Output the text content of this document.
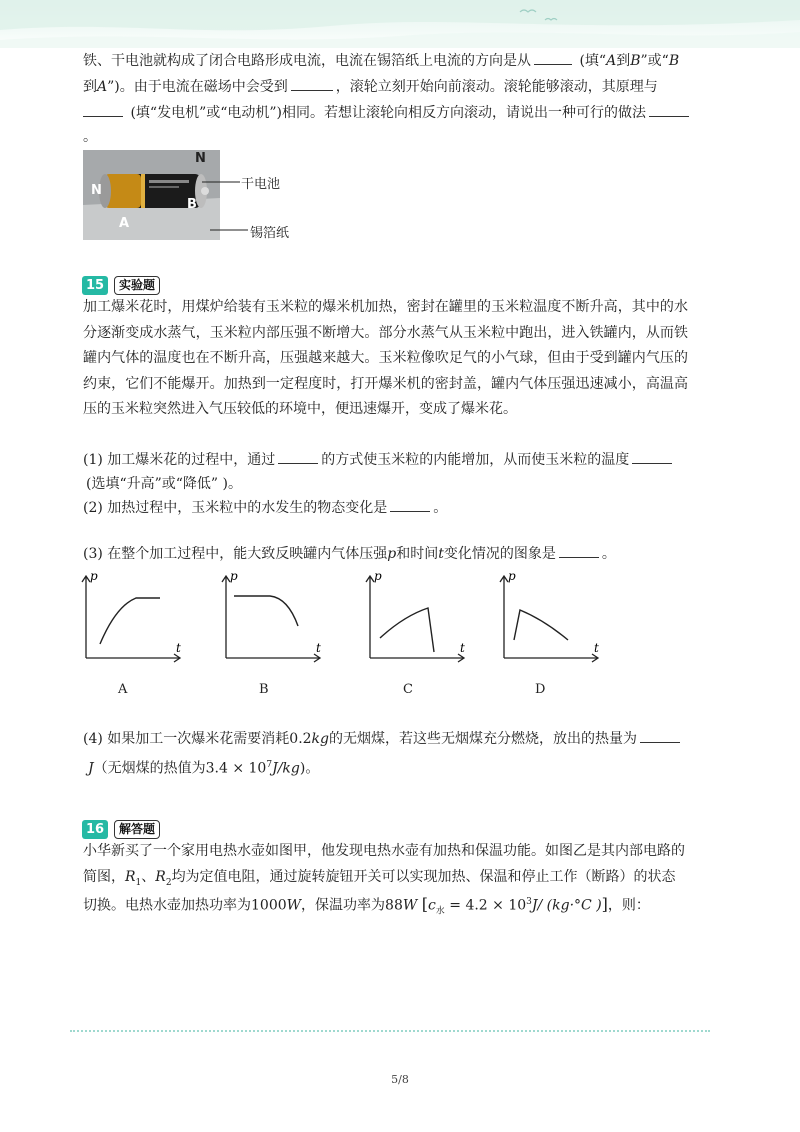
铁、干电池就构成了闭合电路形成电流，电流在锡箔纸上电流的方向是从	(填“A到B”或“B
到A”)。由于电流在磁场中会受到	，滚轮立刻开始向前滚动。滚轮能够滚动，其原理与
(填“发电机”或“电动机”)相同。若想让滚轮向相反方向滚动，请说出一种可行的做法
。
N
A
B
N
干电池
锡箔纸
15	实验题
加工爆米花时，用煤炉给装有玉米粒的爆米机加热，密封在罐里的玉米粒温度不断升高，其中的水分逐渐变成水蒸气，玉米粒内部压强不断增大。部分水蒸气从玉米粒中跑出，进入铁罐内，从而铁罐内气体的温度也在不断升高，压强越来越大。玉米粒像吹足气的小气球，但由于受到罐内气压的约束，它们不能爆开。加热到一定程度时，打开爆米机的密封盖，罐内气体压强迅速减小，高温高压的玉米粒突然进入气压较低的环境中，便迅速爆开，变成了爆米花。
(1) 加工爆米花的过程中，通过	的方式使玉米粒的内能增加，从而使玉米粒的温度
(选填“升高”或“降低” )。
(2) 加热过程中，玉米粒中的水发生的物态变化是	。
(3) 在整个加工过程中，能大致反映罐内气体压强p和时间t变化情况的图象是	。
p
t
p
t
p
t
p
t
A	B	C	D
(4) 如果加工一次爆米花需要消耗0.2kg的无烟煤，若这些无烟煤充分燃烧，放出的热量为
J（无烟煤的热值为$3.4 \times 10^7J/kg$)。
16	解答题
小华新买了一个家用电热水壶如图甲，他发现电热水壶有加热和保温功能。如图乙是其内部电路的
简图，$R_1$、$R_2$均为定值电阻，通过旋转旋钮开关可以实现加热、保温和停止工作（断路）的状态
切换。电热水壶加热功率为1000W，保温功率为88W [$c_水 = 4.2 \times 10^3J/$ (kg·°C )]，则：
5/8
